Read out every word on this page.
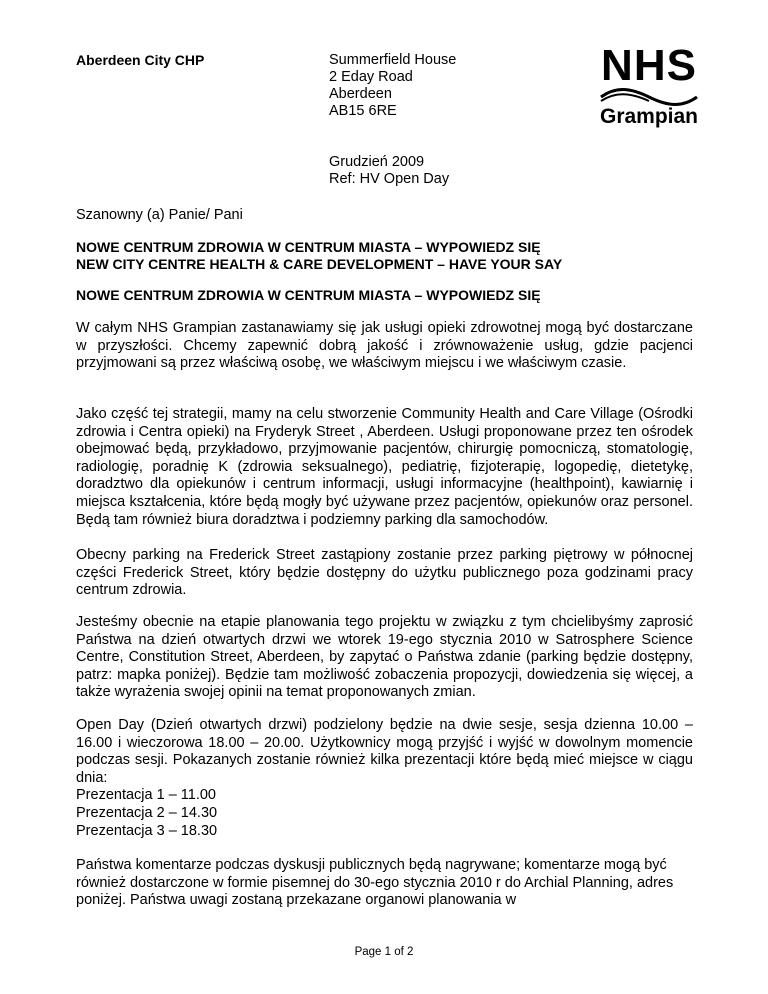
Aberdeen City CHP	Summerfield House
2 Eday Road
Aberdeen
AB15 6RE
NHS
Grampian
Grudzień 2009
Ref: HV Open Day
Szanowny (a) Panie/ Pani
NOWE CENTRUM ZDROWIA W CENTRUM MIASTA – WYPOWIEDZ SIĘ
NEW CITY CENTRE HEALTH & CARE DEVELOPMENT – HAVE YOUR SAY
NOWE CENTRUM ZDROWIA W CENTRUM MIASTA – WYPOWIEDZ SIĘ
W całym NHS Grampian zastanawiamy się jak usługi opieki zdrowotnej mogą być dostarczane w przyszłości. Chcemy zapewnić dobrą jakość i zrównoważenie usług, gdzie pacjenci przyjmowani są przez właściwą osobę, we właściwym miejscu i we właściwym czasie.
Jako część tej strategii, mamy na celu stworzenie Community Health and Care Village (Ośrodki zdrowia i Centra opieki) na Fryderyk Street , Aberdeen. Usługi proponowane przez ten ośrodek obejmować będą, przykładowo, przyjmowanie pacjentów, chirurgię pomocniczą, stomatologię, radiologię, poradnię K (zdrowia seksualnego), pediatrię, fizjoterapię, logopedię, dietetykę, doradztwo dla opiekunów i centrum informacji, usługi informacyjne (healthpoint), kawiarnię i miejsca kształcenia, które będą mogły być używane przez pacjentów, opiekunów oraz personel. Będą tam również biura doradztwa i podziemny parking dla samochodów.
Obecny parking na Frederick Street zastąpiony zostanie przez parking piętrowy w północnej części Frederick Street, który będzie dostępny do użytku publicznego poza godzinami pracy centrum zdrowia.
Jesteśmy obecnie na etapie planowania tego projektu w związku z tym chcielibyśmy zaprosić Państwa na dzień otwartych drzwi we wtorek 19-ego stycznia 2010 w Satrosphere Science Centre, Constitution Street, Aberdeen, by zapytać o Państwa zdanie (parking będzie dostępny, patrz: mapka poniżej). Będzie tam możliwość zobaczenia propozycji, dowiedzenia się więcej, a także wyrażenia swojej opinii na temat proponowanych zmian.
Open Day (Dzień otwartych drzwi) podzielony będzie na dwie sesje, sesja dzienna 10.00 – 16.00 i wieczorowa 18.00 – 20.00. Użytkownicy mogą przyjść i wyjść w dowolnym momencie podczas sesji. Pokazanych zostanie również kilka prezentacji które będą mieć miejsce w ciągu dnia:
Prezentacja 1 – 11.00
Prezentacja 2 – 14.30
Prezentacja 3 – 18.30
Państwa komentarze podczas dyskusji publicznych będą nagrywane; komentarze mogą być również dostarczone w formie pisemnej do 30-ego stycznia 2010 r do Archial Planning, adres poniżej. Państwa uwagi zostaną przekazane organowi planowania w
Page 1 of 2
